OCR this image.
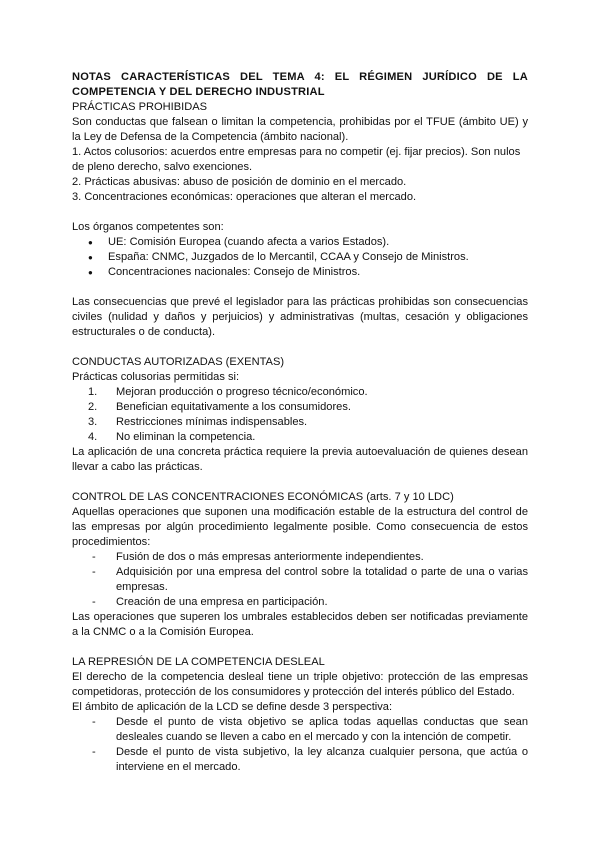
NOTAS CARACTERÍSTICAS DEL TEMA 4: EL RÉGIMEN JURÍDICO DE LA COMPETENCIA Y DEL DERECHO INDUSTRIAL

PRÁCTICAS PROHIBIDAS

Son conductas que falsean o limitan la competencia, prohibidas por el TFUE (ámbito UE) y la Ley de Defensa de la Competencia (ámbito nacional).

1. Actos colusorios: acuerdos entre empresas para no competir (ej. fijar precios). Son nulos de pleno derecho, salvo exenciones.

2. Prácticas abusivas: abuso de posición de dominio en el mercado.

3. Concentraciones económicas: operaciones que alteran el mercado.

Los órganos competentes son:

● UE: Comisión Europea (cuando afecta a varios Estados).
● España: CNMC, Juzgados de lo Mercantil, CCAA y Consejo de Ministros.
● Concentraciones nacionales: Consejo de Ministros.

Las consecuencias que prevé el legislador para las prácticas prohibidas son consecuencias civiles (nulidad y daños y perjuicios) y administrativas (multas, cesación y obligaciones estructurales o de conducta).

CONDUCTAS AUTORIZADAS (EXENTAS)

Prácticas colusorias permitidas si:

1. Mejoran producción o progreso técnico/económico.
2. Benefician equitativamente a los consumidores.
3. Restricciones mínimas indispensables.
4. No eliminan la competencia.

La aplicación de una concreta práctica requiere la previa autoevaluación de quienes desean llevar a cabo las prácticas.

CONTROL DE LAS CONCENTRACIONES ECONÓMICAS (arts. 7 y 10 LDC)

Aquellas operaciones que suponen una modificación estable de la estructura del control de las empresas por algún procedimiento legalmente posible. Como consecuencia de estos procedimientos:

- Fusión de dos o más empresas anteriormente independientes.
- Adquisición por una empresa del control sobre la totalidad o parte de una o varias empresas.
- Creación de una empresa en participación.

Las operaciones que superen los umbrales establecidos deben ser notificadas previamente a la CNMC o a la Comisión Europea.

LA REPRESIÓN DE LA COMPETENCIA DESLEAL

El derecho de la competencia desleal tiene un triple objetivo: protección de las empresas competidoras, protección de los consumidores y protección del interés público del Estado.

El ámbito de aplicación de la LCD se define desde 3 perspectiva:

- Desde el punto de vista objetivo se aplica todas aquellas conductas que sean desleales cuando se lleven a cabo en el mercado y con la intención de competir.
- Desde el punto de vista subjetivo, la ley alcanza cualquier persona, que actúa o interviene en el mercado.
